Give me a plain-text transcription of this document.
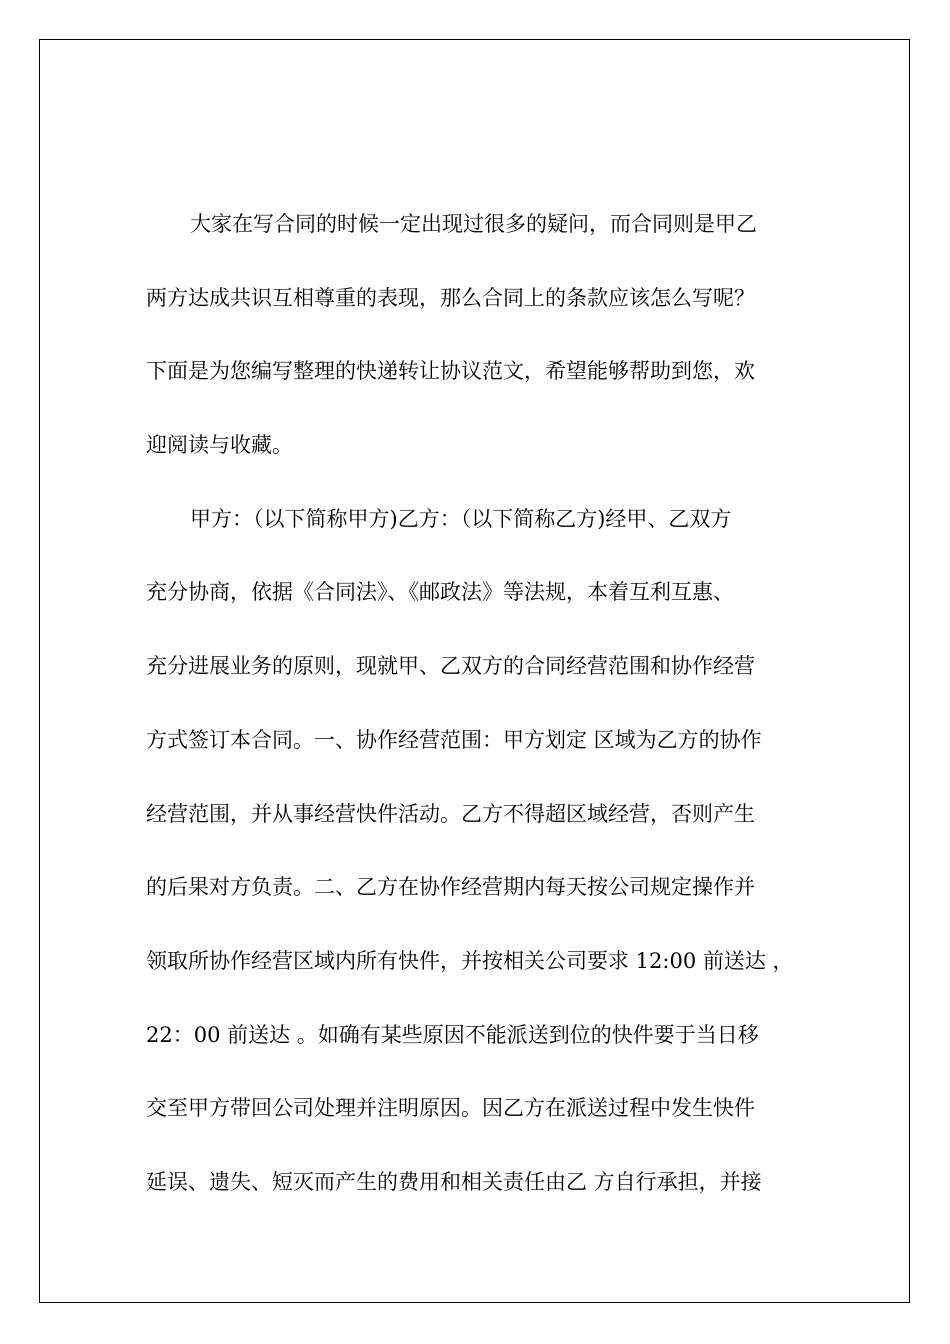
大家在写合同的时候一定出现过很多的疑问，而合同则是甲乙
两方达成共识互相尊重的表现，那么合同上的条款应该怎么写呢？
下面是为您编写整理的快递转让协议范文，希望能够帮助到您，欢
迎阅读与收藏。
甲方：（以下简称甲方)乙方：（以下简称乙方)经甲、乙双方
充分协商，依据《合同法》、《邮政法》等法规，本着互利互惠、
充分进展业务的原则，现就甲、乙双方的合同经营范围和协作经营
方式签订本合同。一、协作经营范围：甲方划定 区域为乙方的协作
经营范围，并从事经营快件活动。乙方不得超区域经营，否则产生
的后果对方负责。二、乙方在协作经营期内每天按公司规定操作并
领取所协作经营区域内所有快件，并按相关公司要求 12:00 前送达 ，
22：00 前送达 。如确有某些原因不能派送到位的快件要于当日移
交至甲方带回公司处理并注明原因。因乙方在派送过程中发生快件
延误、遗失、短灭而产生的费用和相关责任由乙 方自行承担，并接
